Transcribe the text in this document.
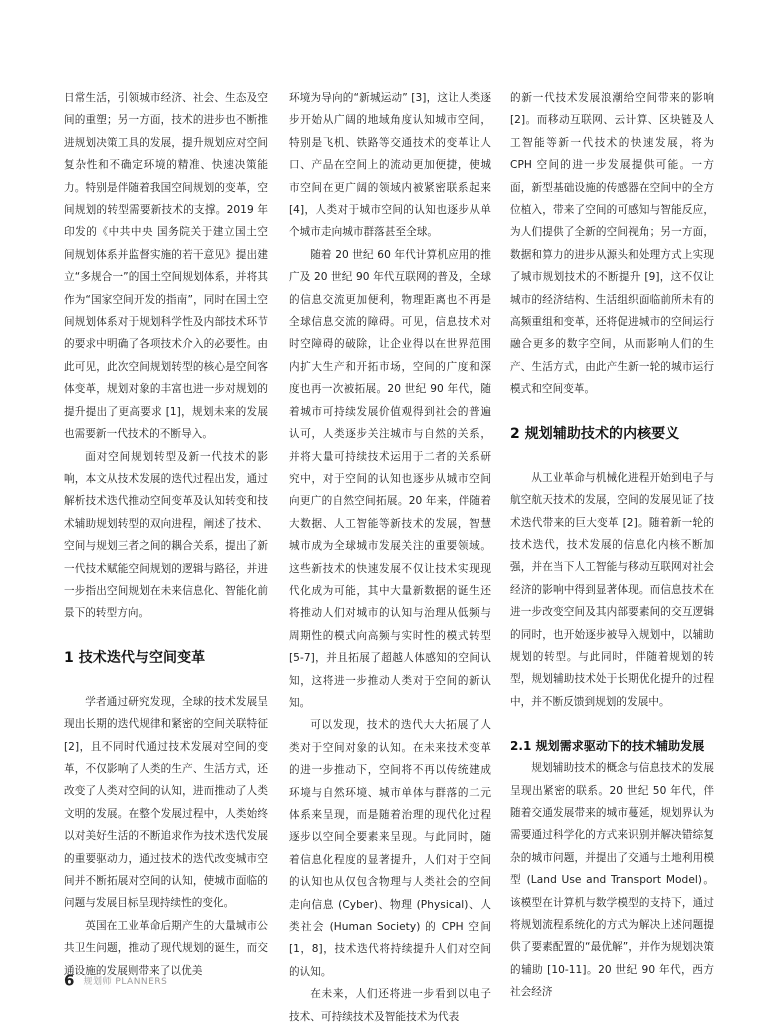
日常生活，引领城市经济、社会、生态及空间的重塑；另一方面，技术的进步也不断推进规划决策工具的发展，提升规划应对空间复杂性和不确定环境的精准、快速决策能力。特别是伴随着我国空间规划的变革，空间规划的转型需要新技术的支撑。2019 年印发的《中共中央 国务院关于建立国土空间规划体系并监督实施的若干意见》提出建立“多规合一”的国土空间规划体系，并将其作为“国家空间开发的指南”，同时在国土空间规划体系对于规划科学性及内部技术环节的要求中明确了各项技术介入的必要性。由此可见，此次空间规划转型的核心是空间客体变革，规划对象的丰富也进一步对规划的提升提出了更高要求 [1]，规划未来的发展也需要新一代技术的不断导入。

面对空间规划转型及新一代技术的影响，本文从技术发展的迭代过程出发，通过解析技术迭代推动空间变革及认知转变和技术辅助规划转型的双向进程，阐述了技术、空间与规划三者之间的耦合关系，提出了新一代技术赋能空间规划的逻辑与路径，并进一步指出空间规划在未来信息化、智能化前景下的转型方向。

1 技术迭代与空间变革

学者通过研究发现，全球的技术发展呈现出长期的迭代规律和紧密的空间关联特征 [2]，且不同时代通过技术发展对空间的变革，不仅影响了人类的生产、生活方式，还改变了人类对空间的认知，进而推动了人类文明的发展。在整个发展过程中，人类始终以对美好生活的不断追求作为技术迭代发展的重要驱动力，通过技术的迭代改变城市空间并不断拓展对空间的认知，使城市面临的问题与发展目标呈现持续性的变化。

英国在工业革命后期产生的大量城市公共卫生问题，推动了现代规划的诞生，而交通设施的发展则带来了以优美

环境为导向的“新城运动” [3]，这让人类逐步开始从广阔的地域角度认知城市空间，特别是飞机、铁路等交通技术的变革让人口、产品在空间上的流动更加便捷，使城市空间在更广阔的领域内被紧密联系起来 [4]，人类对于城市空间的认知也逐步从单个城市走向城市群落甚至全球。

随着 20 世纪 60 年代计算机应用的推广及 20 世纪 90 年代互联网的普及，全球的信息交流更加便利，物理距离也不再是全球信息交流的障碍。可见，信息技术对时空障碍的破除，让企业得以在世界范围内扩大生产和开拓市场，空间的广度和深度也再一次被拓展。20 世纪 90 年代，随着城市可持续发展价值观得到社会的普遍认可，人类逐步关注城市与自然的关系，并将大量可持续技术运用于二者的关系研究中，对于空间的认知也逐步从城市空间向更广的自然空间拓展。20 年来，伴随着大数据、人工智能等新技术的发展，智慧城市成为全球城市发展关注的重要领域。这些新技术的快速发展不仅让技术实现现代化成为可能，其中大量新数据的诞生还将推动人们对城市的认知与治理从低频与周期性的模式向高频与实时性的模式转型 [5-7]，并且拓展了超越人体感知的空间认知，这将进一步推动人类对于空间的新认知。

可以发现，技术的迭代大大拓展了人类对于空间对象的认知。在未来技术变革的进一步推动下，空间将不再以传统建成环境与自然环境、城市单体与群落的二元体系来呈现，而是随着治理的现代化过程逐步以空间全要素来呈现。与此同时，随着信息化程度的显著提升，人们对于空间的认知也从仅包含物理与人类社会的空间走向信息 (Cyber)、物理 (Physical)、人类社会 (Human Society) 的 CPH 空间 [1，8]，技术迭代将持续提升人们对空间的认知。

在未来，人们还将进一步看到以电子技术、可持续技术及智能技术为代表

的新一代技术发展浪潮给空间带来的影响 [2]。而移动互联网、云计算、区块链及人工智能等新一代技术的快速发展，将为 CPH 空间的进一步发展提供可能。一方面，新型基础设施的传感器在空间中的全方位植入，带来了空间的可感知与智能反应，为人们提供了全新的空间视角；另一方面，数据和算力的进步从源头和处理方式上实现了城市规划技术的不断提升 [9]，这不仅让城市的经济结构、生活组织面临前所未有的高频重组和变革，还将促进城市的空间运行融合更多的数字空间，从而影响人们的生产、生活方式，由此产生新一轮的城市运行模式和空间变革。

2 规划辅助技术的内核要义

从工业革命与机械化进程开始到电子与航空航天技术的发展，空间的发展见证了技术迭代带来的巨大变革 [2]。随着新一轮的技术迭代，技术发展的信息化内核不断加强，并在当下人工智能与移动互联网对社会经济的影响中得到显著体现。而信息技术在进一步改变空间及其内部要素间的交互逻辑的同时，也开始逐步被导入规划中，以辅助规划的转型。与此同时，伴随着规划的转型，规划辅助技术处于长期优化提升的过程中，并不断反馈到规划的发展中。

2.1 规划需求驱动下的技术辅助发展

规划辅助技术的概念与信息技术的发展呈现出紧密的联系。20 世纪 50 年代，伴随着交通发展带来的城市蔓延，规划界认为需要通过科学化的方式来识别并解决错综复杂的城市问题，并提出了交通与土地利用模型 (Land Use and Transport Model)。该模型在计算机与数学模型的支持下，通过将规划流程系统化的方式为解决上述问题提供了要素配置的“最优解”，并作为规划决策的辅助 [10-11]。20 世纪 90 年代，西方社会经济

6 规划师 PLANNERS
